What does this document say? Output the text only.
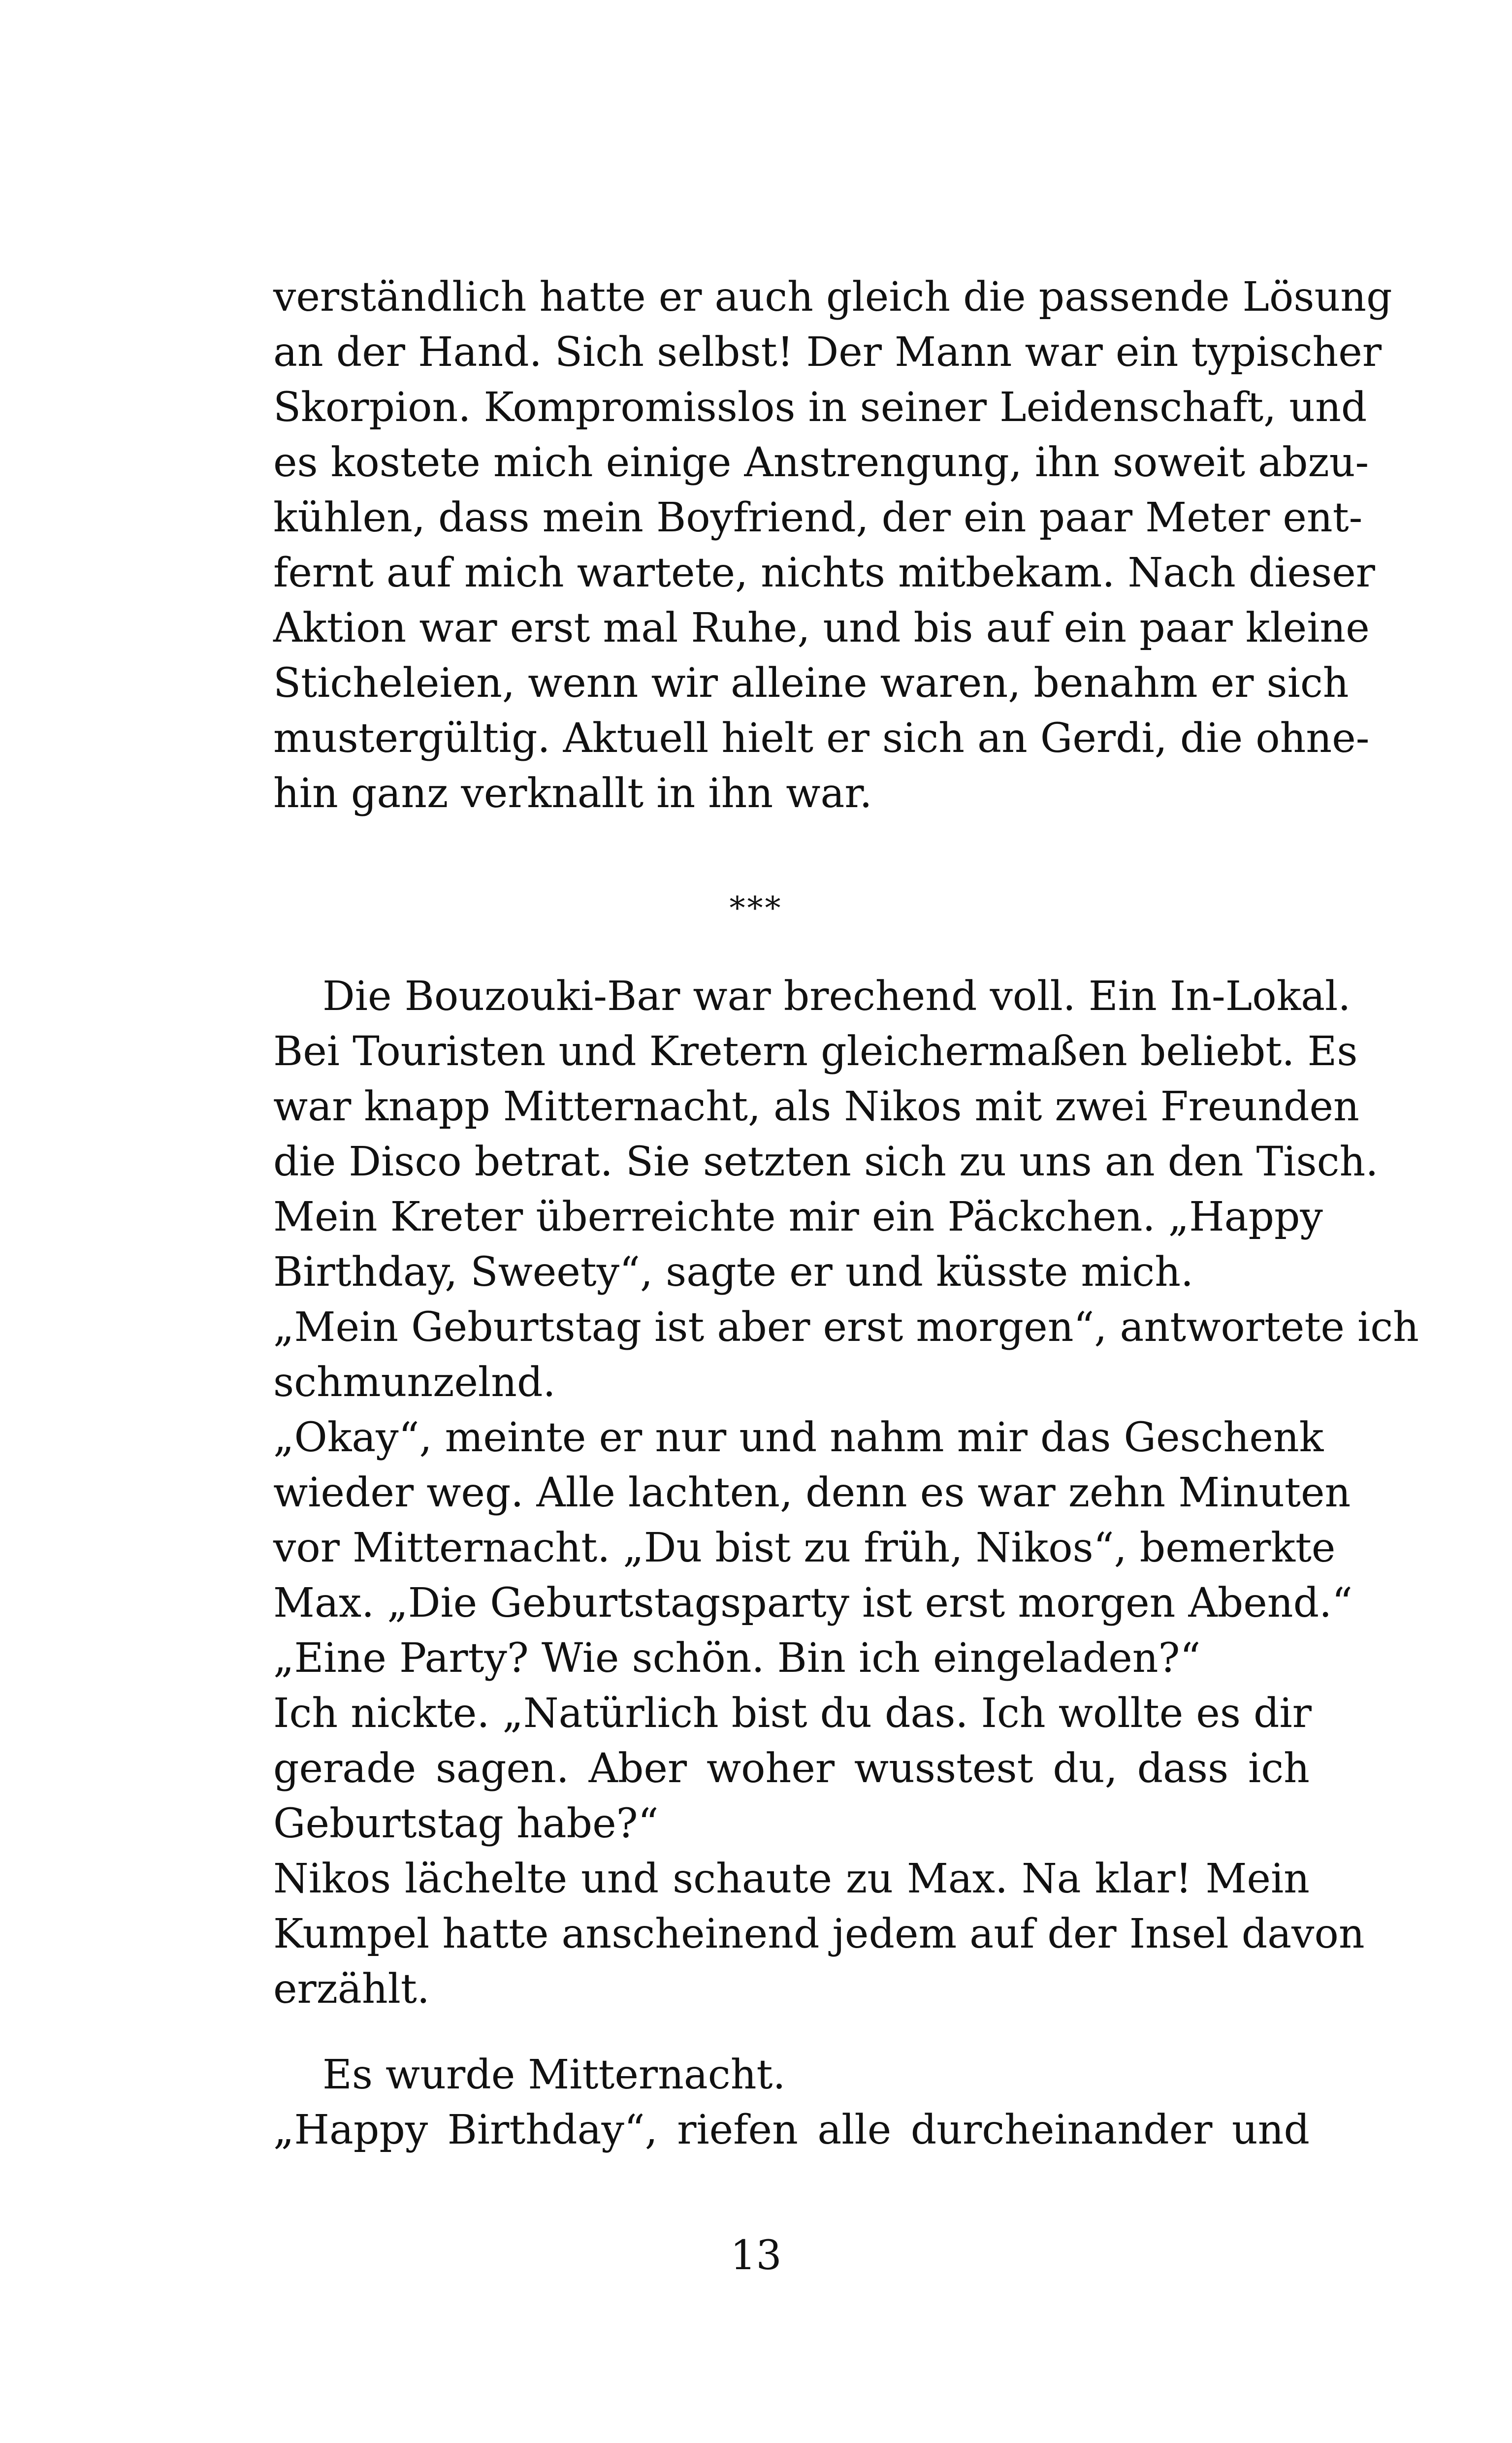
verständlich hatte er auch gleich die passende Lösung
an der Hand. Sich selbst! Der Mann war ein typischer
Skorpion. Kompromisslos in seiner Leidenschaft, und
es kostete mich einige Anstrengung, ihn soweit abzu-
kühlen, dass mein Boyfriend, der ein paar Meter ent-
fernt auf mich wartete, nichts mitbekam. Nach dieser
Aktion war erst mal Ruhe, und bis auf ein paar kleine
Sticheleien, wenn wir alleine waren, benahm er sich
mustergültig. Aktuell hielt er sich an Gerdi, die ohne-
hin ganz verknallt in ihn war.
***
Die Bouzouki-Bar war brechend voll. Ein In-Lokal.
Bei Touristen und Kretern gleichermaßen beliebt. Es
war knapp Mitternacht, als Nikos mit zwei Freunden
die Disco betrat. Sie setzten sich zu uns an den Tisch.
Mein Kreter überreichte mir ein Päckchen. „Happy
Birthday, Sweety“, sagte er und küsste mich.
„Mein Geburtstag ist aber erst morgen“, antwortete ich
schmunzelnd.
„Okay“, meinte er nur und nahm mir das Geschenk
wieder weg. Alle lachten, denn es war zehn Minuten
vor Mitternacht. „Du bist zu früh, Nikos“, bemerkte
Max. „Die Geburtstagsparty ist erst morgen Abend.“
„Eine Party? Wie schön. Bin ich eingeladen?“
Ich nickte. „Natürlich bist du das. Ich wollte es dir
gerade sagen. Aber woher wusstest du, dass ich
Geburtstag habe?“
Nikos lächelte und schaute zu Max. Na klar! Mein
Kumpel hatte anscheinend jedem auf der Insel davon
erzählt.
Es wurde Mitternacht.
„Happy Birthday“, riefen alle durcheinander und
13
